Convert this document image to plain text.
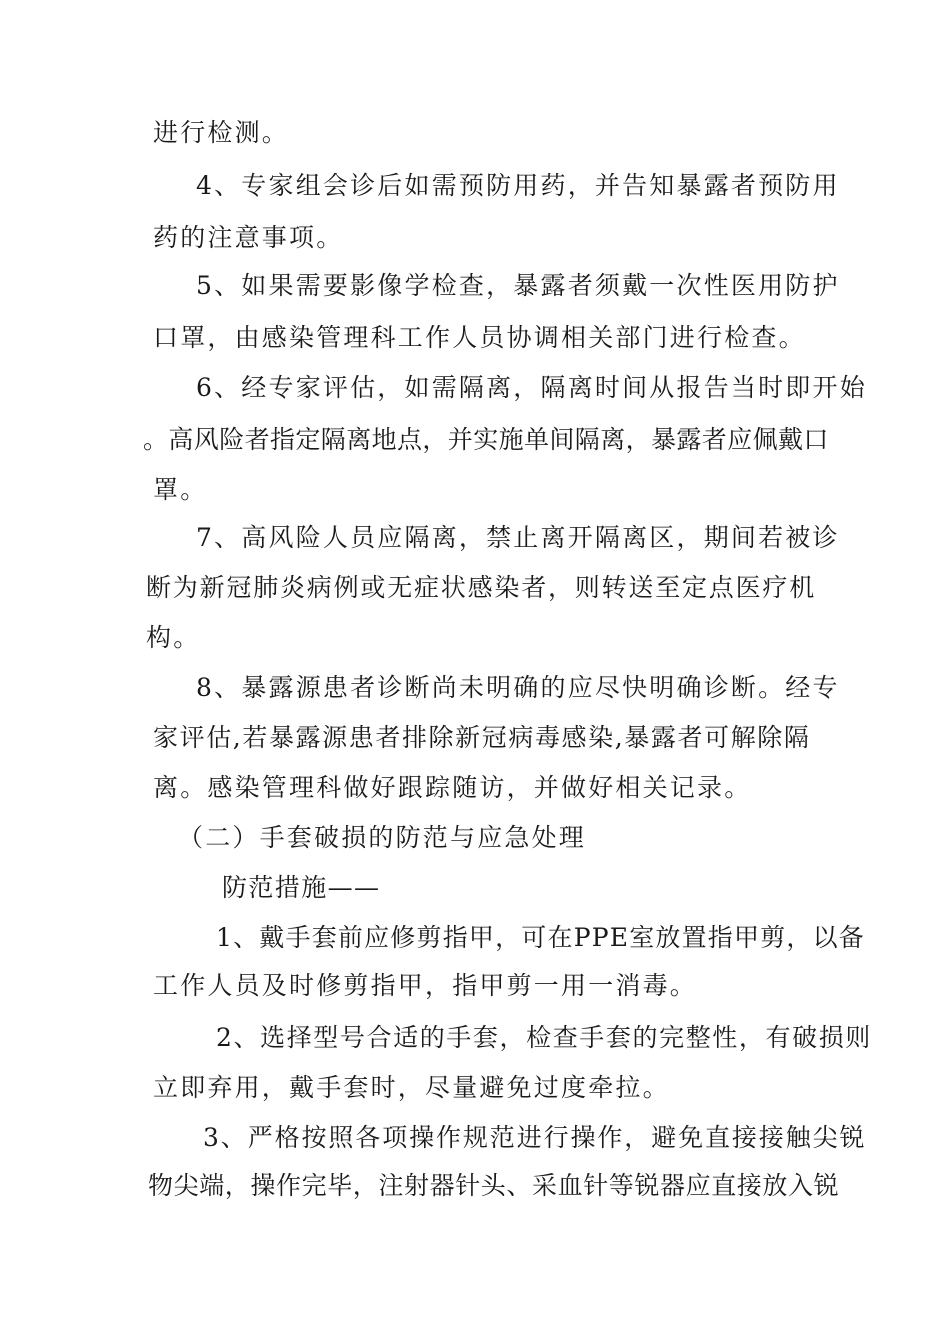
进行检测。
4、专家组会诊后如需预防用药，并告知暴露者预防用
药的注意事项。
5、如果需要影像学检查，暴露者须戴一次性医用防护
口罩，由感染管理科工作人员协调相关部门进行检查。
6、经专家评估，如需隔离，隔离时间从报告当时即开始
。高风险者指定隔离地点，并实施单间隔离，暴露者应佩戴口
罩。
7、高风险人员应隔离，禁止离开隔离区，期间若被诊
断为新冠肺炎病例或无症状感染者，则转送至定点医疗机
构。
8、暴露源患者诊断尚未明确的应尽快明确诊断。经专
家评估,若暴露源患者排除新冠病毒感染,暴露者可解除隔
离。感染管理科做好跟踪随访，并做好相关记录。
（二）手套破损的防范与应急处理
防范措施——
1、戴手套前应修剪指甲，可在PPE室放置指甲剪，以备
工作人员及时修剪指甲，指甲剪一用一消毒。
2、选择型号合适的手套，检查手套的完整性，有破损则
立即弃用，戴手套时，尽量避免过度牵拉。
3、严格按照各项操作规范进行操作，避免直接接触尖锐
物尖端，操作完毕，注射器针头、采血针等锐器应直接放入锐
